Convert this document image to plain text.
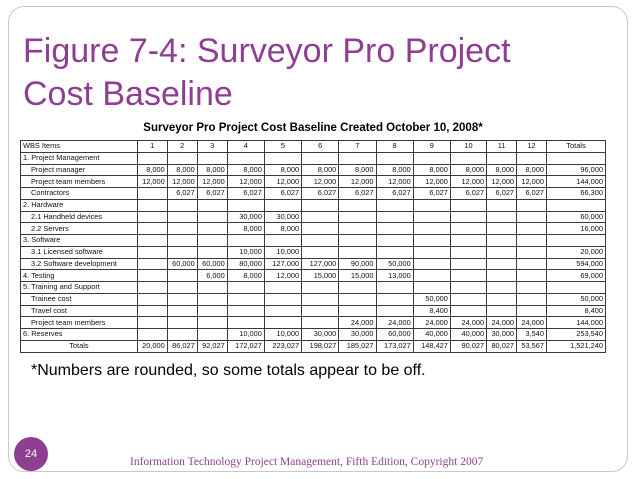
Figure 7-4: Surveyor Pro Project
Cost Baseline
Surveyor Pro Project Cost Baseline Created October 10, 2008*
WBS Items	1	2	3	4	5	6	7	8	9	10	11	12	Totals
1. Project Management													
Project manager	8,000	8,000	8,000	8,000	8,000	8,000	8,000	8,000	8,000	8,000	8,000	8,000	96,000
Project team members	12,000	12,000	12,000	12,000	12,000	12,000	12,000	12,000	12,000	12,000	12,000	12,000	144,000
Contractors		6,027	6,027	6,027	6,027	6,027	6,027	6,027	6,027	6,027	6,027	6,027	66,300
2. Hardware													
2.1 Handheld devices				30,000	30,000								60,000
2.2 Servers				8,000	8,000								16,000
3. Software													
3.1 Licensed software				10,000	10,000								20,000
3.2 Software development		60,000	60,000	80,000	127,000	127,000	90,000	50,000					594,000
4. Testing			6,000	8,000	12,000	15,000	15,000	13,000					69,000
5. Training and Support													
Trainee cost									50,000				50,000
Travel cost									8,400				8,400
Project team members							24,000	24,000	24,000	24,000	24,000	24,000	144,000
6. Reserves				10,000	10,000	30,000	30,000	60,000	40,000	40,000	30,000	3,540	253,540
Totals	20,000	86,027	92,027	172,027	223,027	198,027	185,027	173,027	148,427	90,027	80,027	53,567	1,521,240
*Numbers are rounded, so some totals appear to be off.
24
Information Technology Project Management, Fifth Edition, Copyright 2007
